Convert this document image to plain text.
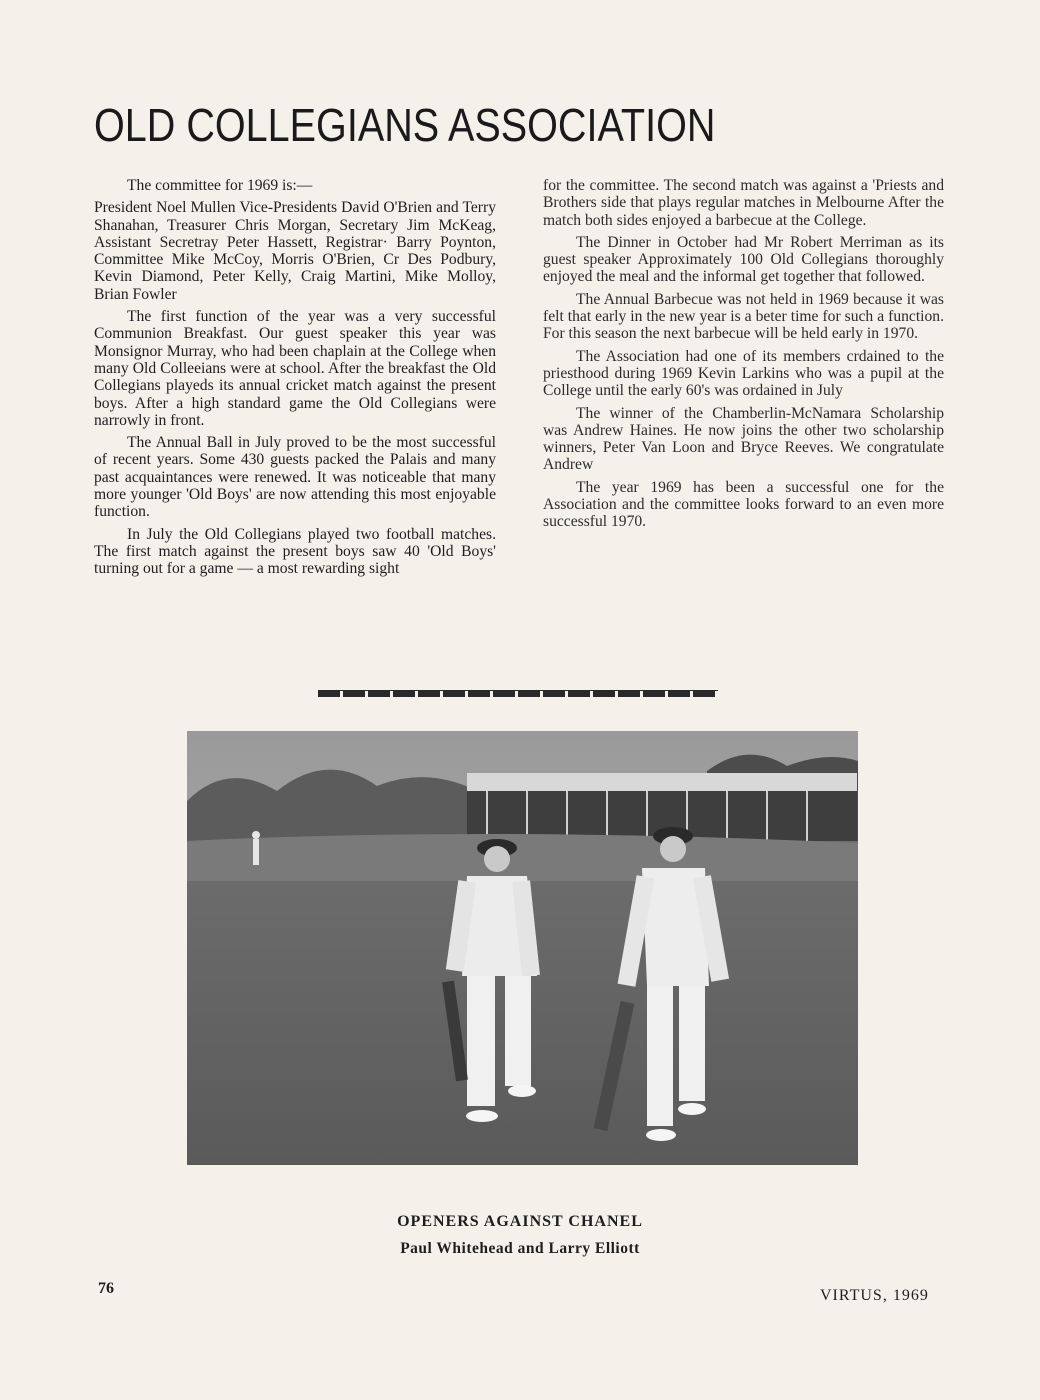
OLD COLLEGIANS ASSOCIATION

The committee for 1969 is:—

President Noel Mullen Vice-Presidents David O'Brien and Terry Shanahan, Treasurer Chris Morgan, Secretary Jim McKeag, Assistant Secretray Peter Hassett, Registrar· Barry Poynton, Committee Mike McCoy, Morris O'Brien, Cr Des Podbury, Kevin Diamond, Peter Kelly, Craig Martini, Mike Molloy, Brian Fowler

The first function of the year was a very successful Communion Breakfast. Our guest speaker this year was Monsignor Murray, who had been chaplain at the College when many Old Colleeians were at school. After the breakfast the Old Collegians playeds its annual cricket match against the present boys. After a high standard game the Old Collegians were narrowly in front.

The Annual Ball in July proved to be the most successful of recent years. Some 430 guests packed the Palais and many past acquaintances were renewed. It was noticeable that many more younger 'Old Boys' are now attending this most enjoyable function.

In July the Old Collegians played two football matches. The first match against the present boys saw 40 'Old Boys' turning out for a game — a most rewarding sight

for the committee. The second match was against a 'Priests and Brothers side that plays regular matches in Melbourne After the match both sides enjoyed a barbecue at the College.

The Dinner in October had Mr Robert Merriman as its guest speaker Approximately 100 Old Collegians thoroughly enjoyed the meal and the informal get together that followed.

The Annual Barbecue was not held in 1969 because it was felt that early in the new year is a beter time for such a function. For this season the next barbecue will be held early in 1970.

The Association had one of its members crdained to the priesthood during 1969 Kevin Larkins who was a pupil at the College until the early 60's was ordained in July

The winner of the Chamberlin-McNamara Scholarship was Andrew Haines. He now joins the other two scholarship winners, Peter Van Loon and Bryce Reeves. We congratulate Andrew

The year 1969 has been a successful one for the Association and the committee looks forward to an even more successful 1970.

OPENERS AGAINST CHANEL
Paul Whitehead and Larry Elliott
76	VIRTUS, 1969
